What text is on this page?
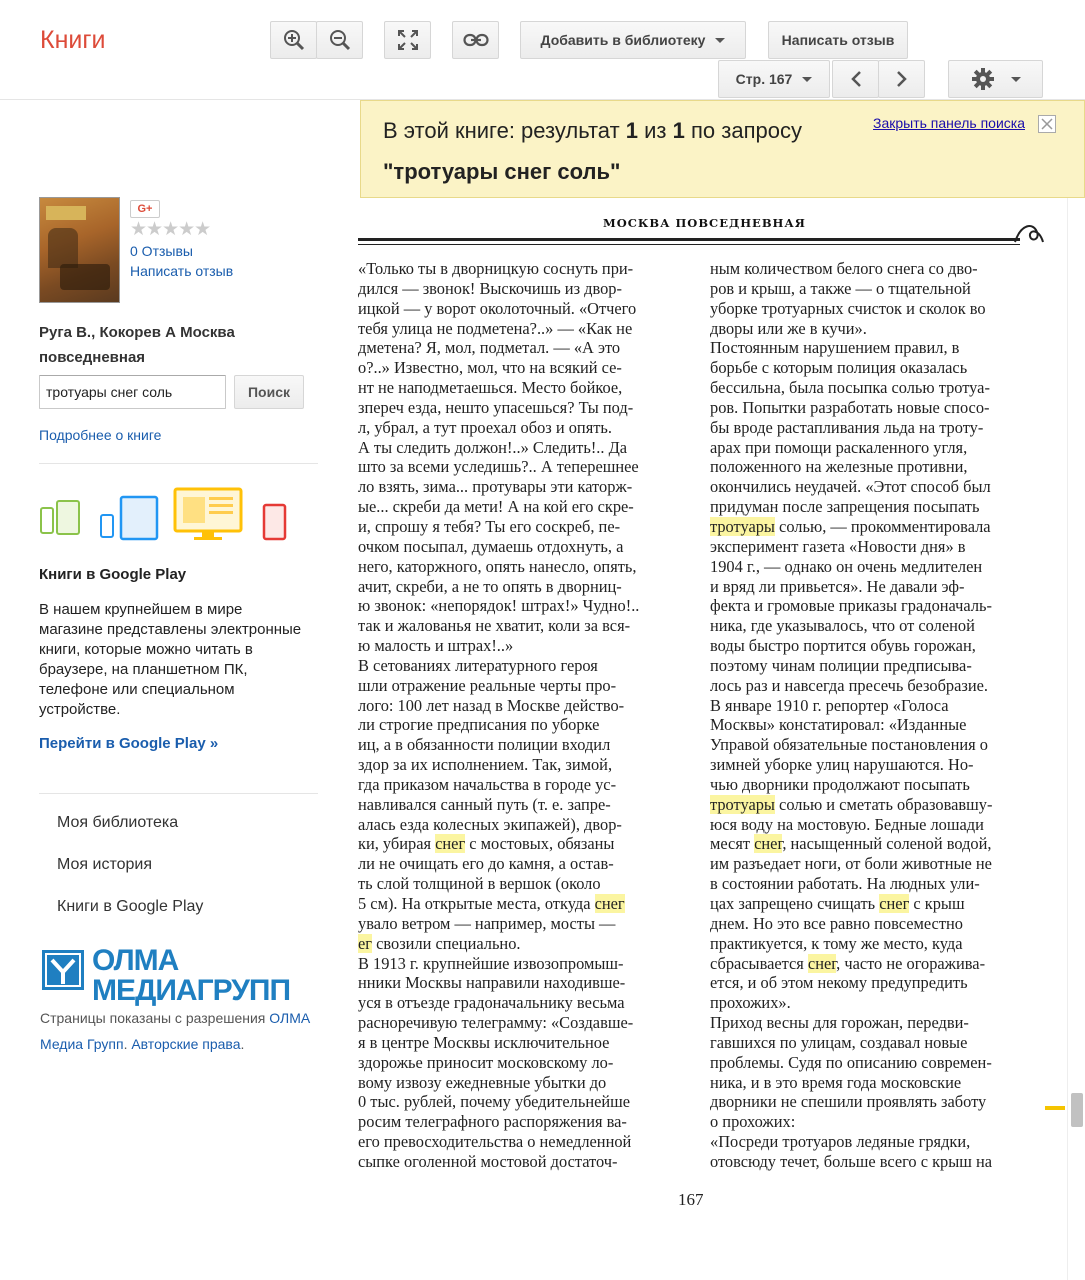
Книги	Добавить в библиотеку	Написать отзыв
Стр. 167
G+
★★★★★
0 Отзывы
Написать отзыв
Руга В., Кокорев А Москва повседневная
тротуары снег соль
Поиск
Подробнее о книге
Книги в Google Play
В нашем крупнейшем в мире магазине представлены электронные книги, которые можно читать в браузере, на планшетном ПК, телефоне или специальном устройстве.
Перейти в Google Play »
Моя библиотека
Моя история
Книги в Google Play
ОЛМА МЕДИАГРУПП
Страницы показаны с разрешения ОЛМА Медиа Групп. Авторские права.
В этой книге: результат 1 из 1 по запросу
"тротуары снег соль"
Закрыть панель поиска
МОСКВА ПОВСЕДНЕВНАЯ
«Только ты в дворницкую соснуть при-
дился — звонок! Выскочишь из двор-
ицкой — у ворот околоточный. «Отчего
тебя улица не подметена?..» — «Как не
дметена? Я, мол, подметал. — «А это
о?..» Известно, мол, что на всякий се-
нт не наподметаешься. Место бойкое,
зпереч езда, нешто упасешься? Ты под-
л, убрал, а тут проехал обоз и опять.
А ты следить должон!..» Следить!.. Да
што за всеми уследишь?.. А теперешнее
ло взять, зима... протувары эти каторж-
ые... скреби да мети! А на кой его скре-
и, спрошу я тебя? Ты его соскреб, пе-
очком посыпал, думаешь отдохнуть, а
него, каторжного, опять нанесло, опять,
ачит, скреби, а не то опять в дворниц-
ю звонок: «непорядок! штрах!» Чудно!..
так и жалованья не хватит, коли за вся-
ю малость и штрах!..»
В сетованиях литературного героя
шли отражение реальные черты про-
лого: 100 лет назад в Москве действо-
ли строгие предписания по уборке
иц, а в обязанности полиции входил
здор за их исполнением. Так, зимой,
гда приказом начальства в городе ус-
навливался санный путь (т. е. запре-
алась езда колесных экипажей), двор-
ки, убирая снег с мостовых, обязаны
ли не очищать его до камня, а остав-
ть слой толщиной в вершок (около
5 см). На открытые места, откуда снег
увало ветром — например, мосты —
ег свозили специально.
В 1913 г. крупнейшие извозопромыш-
нники Москвы направили находивше-
уся в отъезде градоначальнику весьма
расноречивую телеграмму: «Создавше-
я в центре Москвы исключительное
здорожье приносит московскому ло-
вому извозу ежедневные убытки до
0 тыс. рублей, почему убедительнейше
росим телеграфного распоряжения ва-
его превосходительства о немедленной
сыпке оголенной мостовой достаточ-
ным количеством белого снега со дво-
ров и крыш, а также — о тщательной
уборке тротуарных счисток и сколок во
дворы или же в кучи».
Постоянным нарушением правил, в
борьбе с которым полиция оказалась
бессильна, была посыпка солью тротуа-
ров. Попытки разработать новые спосо-
бы вроде растапливания льда на троту-
арах при помощи раскаленного угля,
положенного на железные противни,
окончились неудачей. «Этот способ был
придуман после запрещения посыпать
тротуары солью, — прокомментировала
эксперимент газета «Новости дня» в
1904 г., — однако он очень медлителен
и вряд ли привьется». Не давали эф-
фекта и громовые приказы градоначаль-
ника, где указывалось, что от соленой
воды быстро портится обувь горожан,
поэтому чинам полиции предписыва-
лось раз и навсегда пресечь безобразие.
В январе 1910 г. репортер «Голоса
Москвы» констатировал: «Изданные
Управой обязательные постановления о
зимней уборке улиц нарушаются. Но-
чью дворники продолжают посыпать
тротуары солью и сметать образовавшу-
юся воду на мостовую. Бедные лошади
месят снег, насыщенный соленой водой,
им разъедает ноги, от боли животные не
в состоянии работать. На людных ули-
цах запрещено счищать снег с крыш
днем. Но это все равно повсеместно
практикуется, к тому же место, куда
сбрасывается снег, часто не огоражива-
ется, и об этом некому предупредить
прохожих».
Приход весны для горожан, передви-
гавшихся по улицам, создавал новые
проблемы. Судя по описанию современ-
ника, и в это время года московские
дворники не спешили проявлять заботу
о прохожих:
«Посреди тротуаров ледяные грядки,
отовсюду течет, больше всего с крыш на
167
